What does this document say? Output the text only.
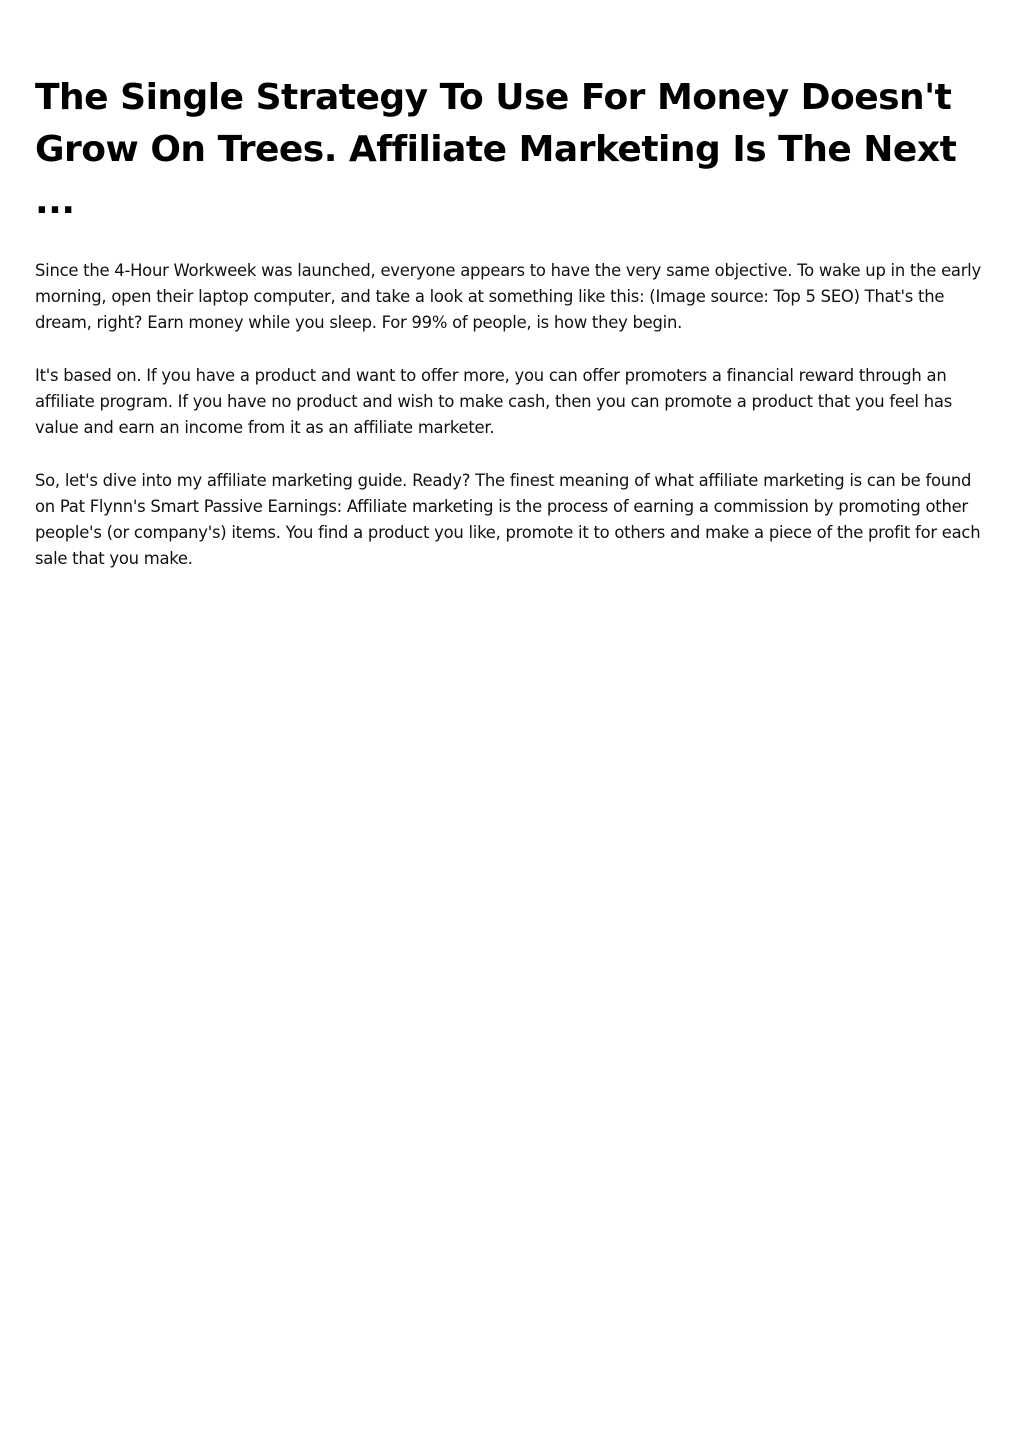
The Single Strategy To Use For Money Doesn't Grow On Trees. Affiliate Marketing Is The Next ...

Since the 4-Hour Workweek was launched, everyone appears to have the very same objective. To wake up in the early morning, open their laptop computer, and take a look at something like this: (Image source: Top 5 SEO) That's the dream, right? Earn money while you sleep. For 99% of people, is how they begin.

It's based on. If you have a product and want to offer more, you can offer promoters a financial reward through an affiliate program. If you have no product and wish to make cash, then you can promote a product that you feel has value and earn an income from it as an affiliate marketer.

So, let's dive into my affiliate marketing guide. Ready? The finest meaning of what affiliate marketing is can be found on Pat Flynn's Smart Passive Earnings: Affiliate marketing is the process of earning a commission by promoting other people's (or company's) items. You find a product you like, promote it to others and make a piece of the profit for each sale that you make.
